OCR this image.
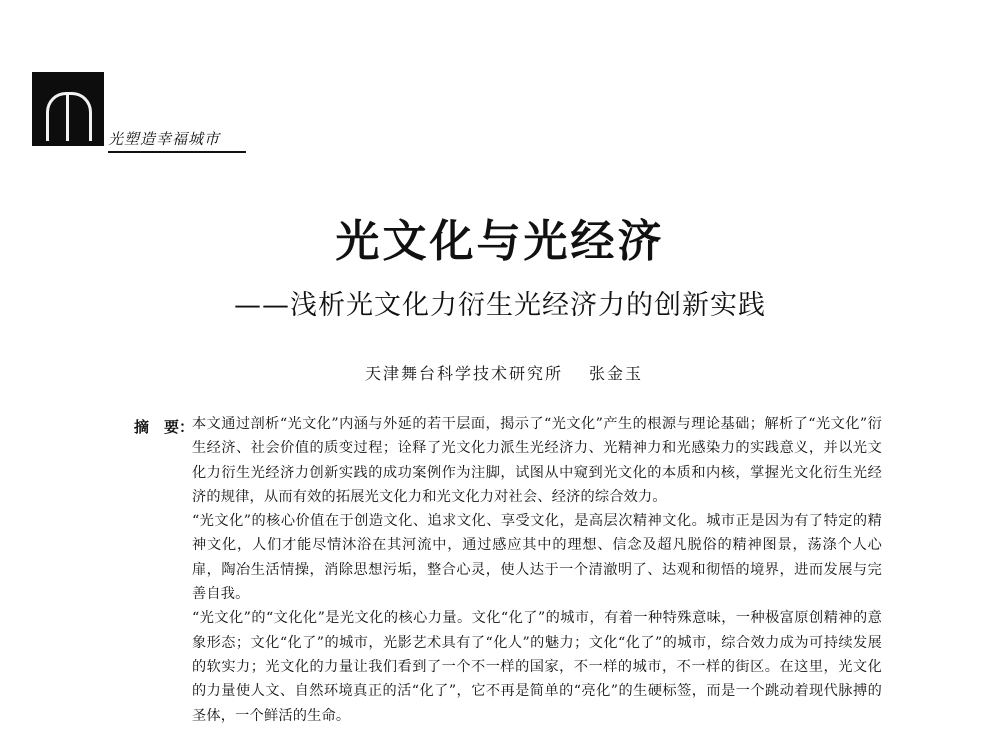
光塑造幸福城市
光文化与光经济
——浅析光文化力衍生光经济力的创新实践
天津舞台科学技术研究所 张金玉
摘　要：

本文通过剖析“光文化”内涵与外延的若干层面，揭示了“光文化”产生的根源与理论基础；解析了“光文化”衍生经济、社会价值的质变过程；诠释了光文化力派生光经济力、光精神力和光感染力的实践意义，并以光文化力衍生光经济力创新实践的成功案例作为注脚，试图从中窥到光文化的本质和内核，掌握光文化衍生光经济的规律，从而有效的拓展光文化力和光文化力对社会、经济的综合效力。

“光文化”的核心价值在于创造文化、追求文化、享受文化，是高层次精神文化。城市正是因为有了特定的精神文化，人们才能尽情沐浴在其河流中，通过感应其中的理想、信念及超凡脱俗的精神图景，荡涤个人心扉，陶冶生活情操，消除思想污垢，整合心灵，使人达于一个清澈明了、达观和彻悟的境界，进而发展与完善自我。

“光文化”的“文化化”是光文化的核心力量。文化“化了”的城市，有着一种特殊意味，一种极富原创精神的意象形态；文化“化了”的城市，光影艺术具有了“化人”的魅力；文化“化了”的城市，综合效力成为可持续发展的软实力；光文化的力量让我们看到了一个不一样的国家，不一样的城市，不一样的街区。在这里，光文化的力量使人文、自然环境真正的活“化了”，它不再是简单的“亮化”的生硬标签，而是一个跳动着现代脉搏的圣体，一个鲜活的生命。
